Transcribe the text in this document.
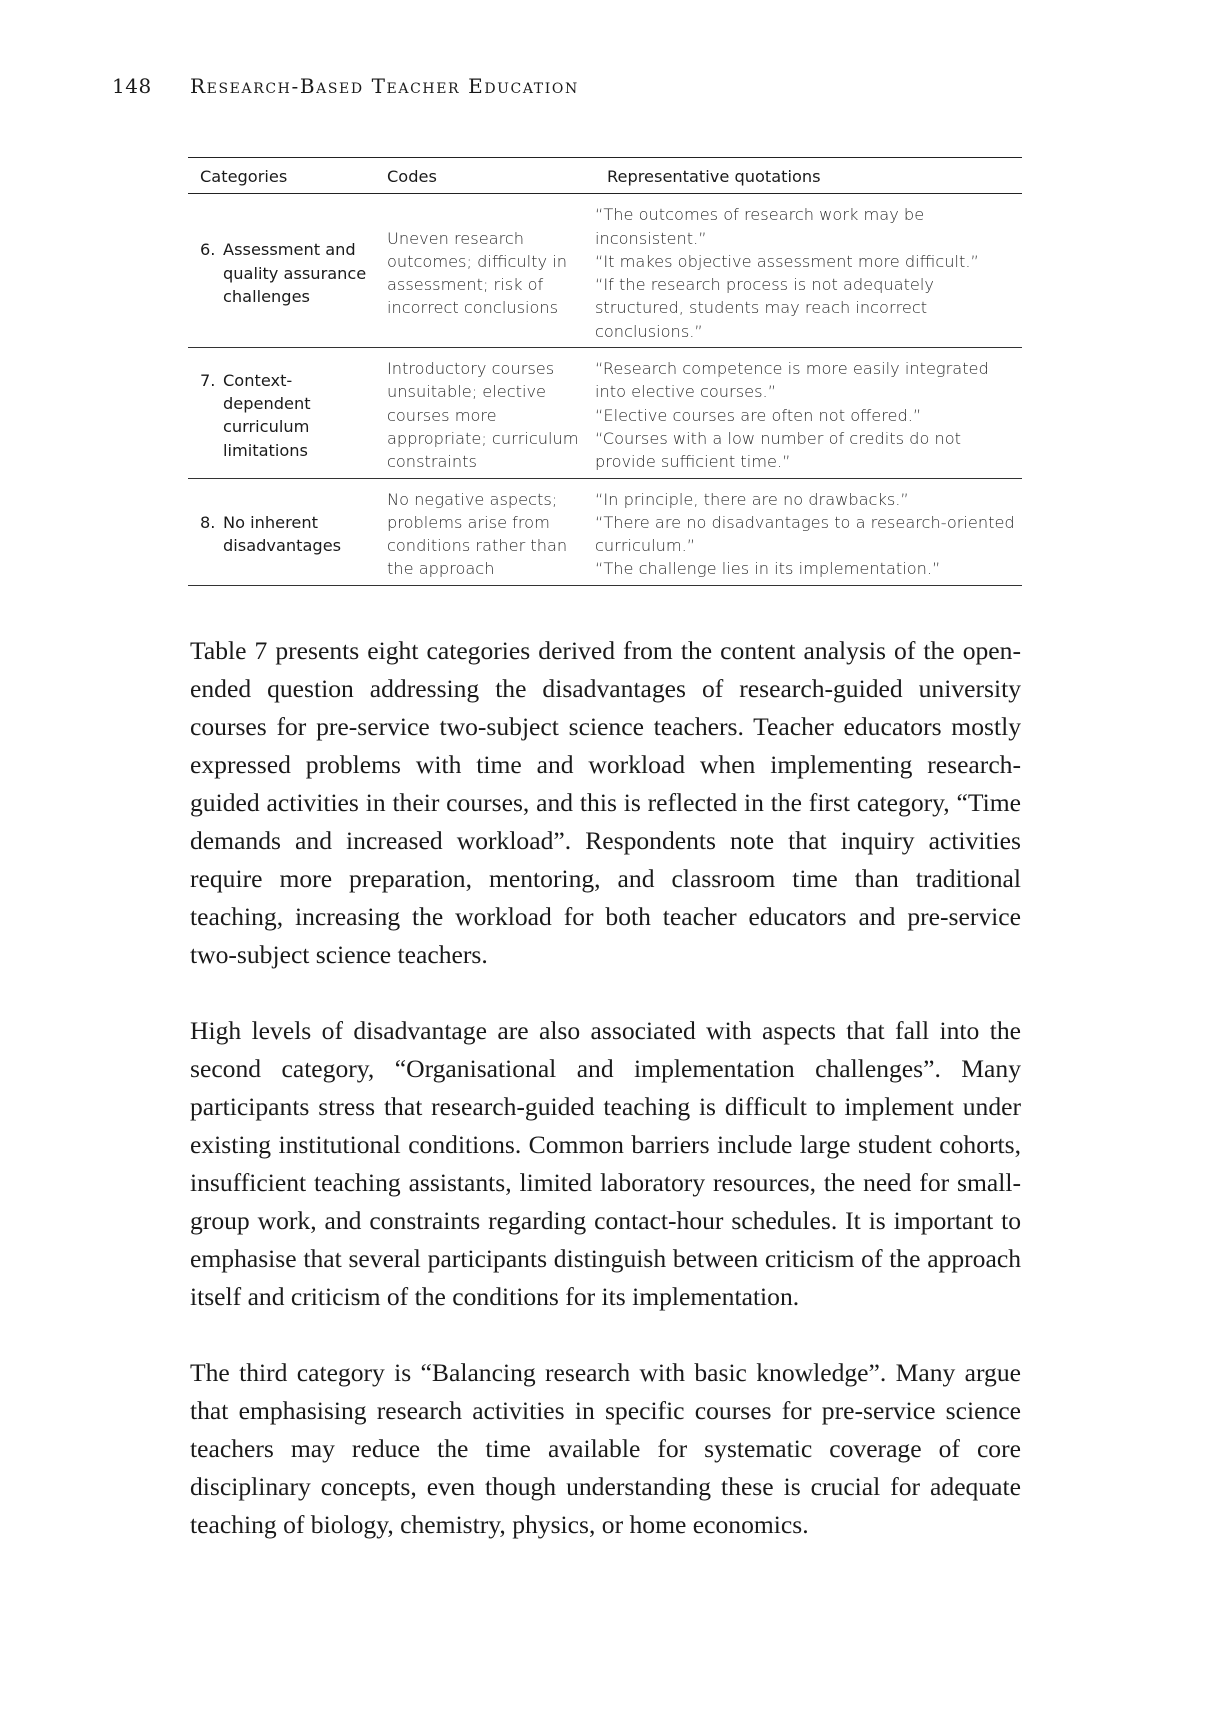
148 Research-Based Teacher Education
Categories	Codes	Representative quotations

6. Assessment and quality assurance challenges	Uneven research outcomes; difficulty in assessment; risk of incorrect conclusions	“The outcomes of research work may be inconsistent.”
“It makes objective assessment more difficult.”
“If the research process is not adequately structured, students may reach incorrect conclusions.”

7. Context-dependent curriculum limitations	Introductory courses unsuitable; elective courses more appropriate; curriculum constraints	“Research competence is more easily integrated into elective courses.”
“Elective courses are often not offered.”
“Courses with a low number of credits do not provide sufficient time.”

8. No inherent disadvantages	No negative aspects; problems arise from conditions rather than the approach	“In principle, there are no drawbacks.”
“There are no disadvantages to a research-oriented curriculum.”
“The challenge lies in its implementation.”

Table 7 presents eight categories derived from the content analysis of the open-ended question addressing the disadvantages of research-guided university courses for pre-service two-subject science teachers. Teacher educators mostly expressed problems with time and workload when implementing research-guided activities in their courses, and this is reflected in the first category, “Time demands and increased workload”. Respondents note that inquiry activities require more preparation, mentoring, and classroom time than traditional teaching, increasing the workload for both teacher educators and pre-service two-subject science teachers.

High levels of disadvantage are also associated with aspects that fall into the second category, “Organisational and implementation challenges”. Many participants stress that research-guided teaching is difficult to implement under existing institutional conditions. Common barriers include large student cohorts, insufficient teaching assistants, limited laboratory resources, the need for small-group work, and constraints regarding contact-hour schedules. It is important to emphasise that several participants distinguish between criticism of the approach itself and criticism of the conditions for its implementation.

The third category is “Balancing research with basic knowledge”. Many argue that emphasising research activities in specific courses for pre-service science teachers may reduce the time available for systematic coverage of core disciplinary concepts, even though understanding these is crucial for adequate teaching of biology, chemistry, physics, or home economics.
